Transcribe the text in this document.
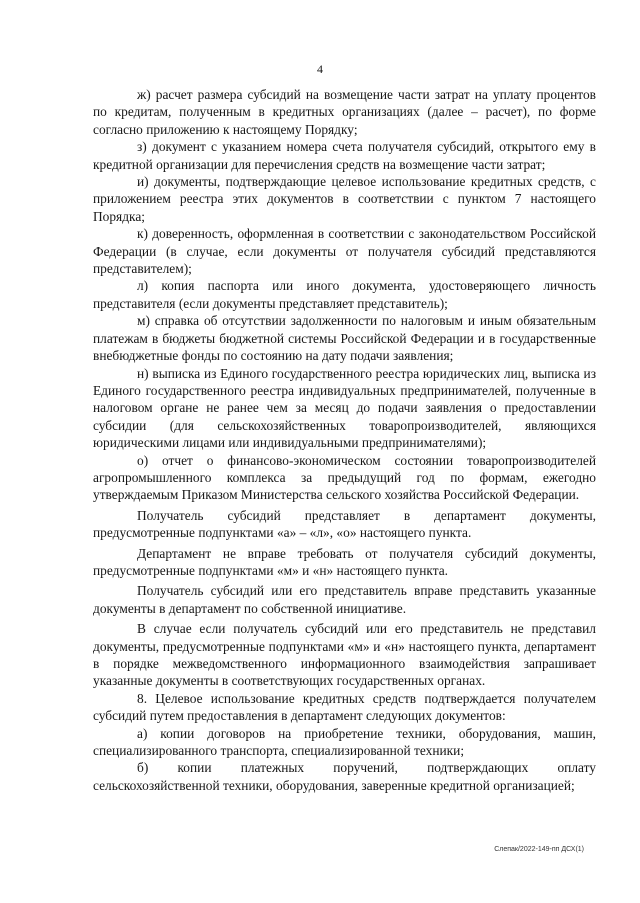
4

ж) расчет размера субсидий на возмещение части затрат на уплату процентов по кредитам, полученным в кредитных организациях (далее – расчет), по форме согласно приложению к настоящему Порядку;

з) документ с указанием номера счета получателя субсидий, открытого ему в кредитной организации для перечисления средств на возмещение части затрат;

и) документы, подтверждающие целевое использование кредитных средств, с приложением реестра этих документов в соответствии с пунктом 7 настоящего Порядка;

к) доверенность, оформленная в соответствии с законодательством Российской Федерации (в случае, если документы от получателя субсидий представляются представителем);

л) копия паспорта или иного документа, удостоверяющего личность представителя (если документы представляет представитель);

м) справка об отсутствии задолженности по налоговым и иным обязательным платежам в бюджеты бюджетной системы Российской Федерации и в государственные внебюджетные фонды по состоянию на дату подачи заявления;

н) выписка из Единого государственного реестра юридических лиц, выписка из Единого государственного реестра индивидуальных предпринимателей, полученные в налоговом органе не ранее чем за месяц до подачи заявления о предоставлении субсидии (для сельскохозяйственных товаропроизводителей, являющихся юридическими лицами или индивидуальными предпринимателями);

о) отчет о финансово-экономическом состоянии товаропроизводителей агропромышленного комплекса за предыдущий год по формам, ежегодно утверждаемым Приказом Министерства сельского хозяйства Российской Федерации.

Получатель субсидий представляет в департамент документы, предусмотренные подпунктами «а» – «л», «о» настоящего пункта.

Департамент не вправе требовать от получателя субсидий документы, предусмотренные подпунктами «м» и «н» настоящего пункта.

Получатель субсидий или его представитель вправе представить указанные документы в департамент по собственной инициативе.

В случае если получатель субсидий или его представитель не представил документы, предусмотренные подпунктами «м» и «н» настоящего пункта, департамент в порядке межведомственного информационного взаимодействия запрашивает указанные документы в соответствующих государственных органах.

8. Целевое использование кредитных средств подтверждается получателем субсидий путем предоставления в департамент следующих документов:

а) копии договоров на приобретение техники, оборудования, машин, специализированного транспорта, специализированной техники;

б) копии платежных поручений, подтверждающих оплату сельскохозяйственной техники, оборудования, заверенные кредитной организацией;

Слепак/2022-149-пп ДСХ(1)
